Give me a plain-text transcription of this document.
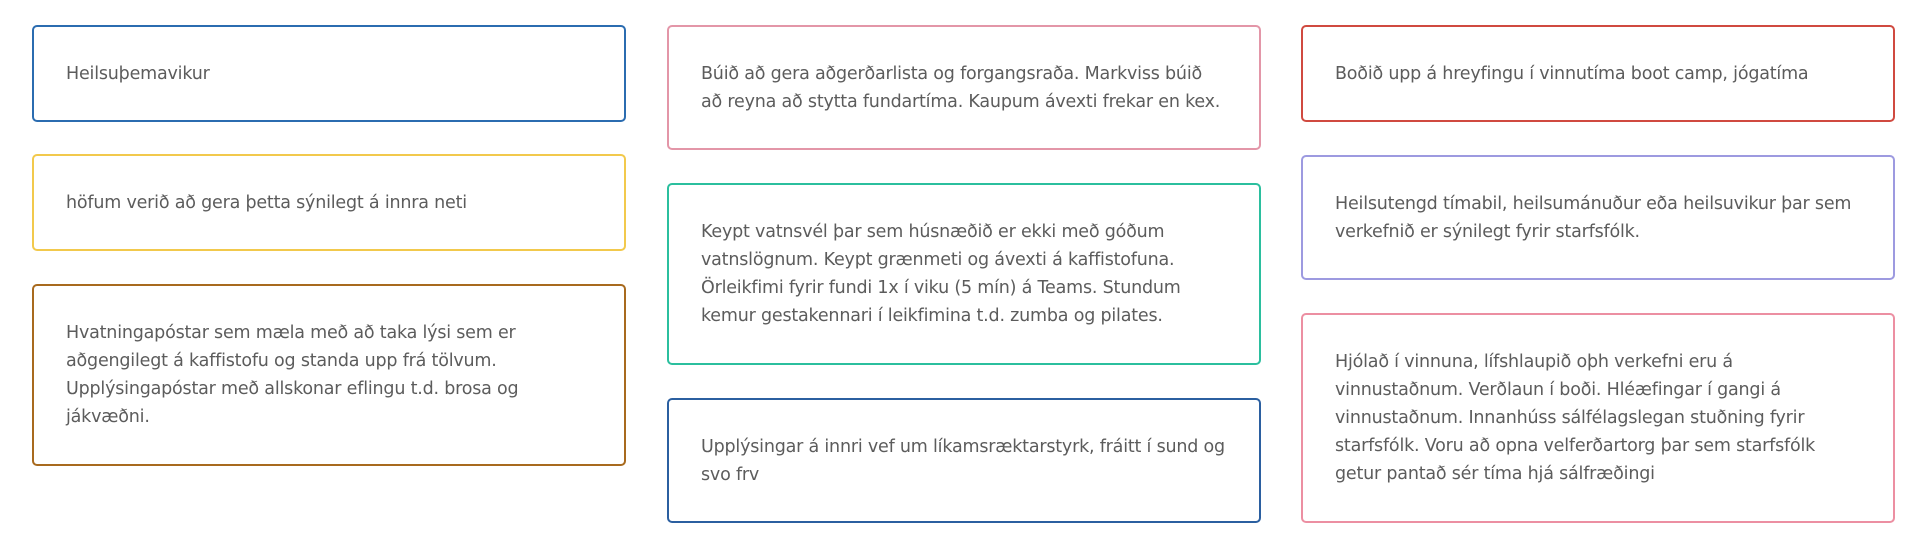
Heilsuþemavikur

höfum verið að gera þetta sýnilegt á innra neti

Hvatningapóstar sem mæla með að taka lýsi sem er aðgengilegt á kaffistofu og standa upp frá tölvum. Upplýsingapóstar með allskonar eflingu t.d. brosa og jákvæðni.

Búið að gera aðgerðarlista og forgangsraða. Markviss búið að reyna að stytta fundartíma. Kaupum ávexti frekar en kex.

Keypt vatnsvél þar sem húsnæðið er ekki með góðum vatnslögnum. Keypt grænmeti og ávexti á kaffistofuna. Örleikfimi fyrir fundi 1x í viku (5 mín) á Teams. Stundum kemur gestakennari í leikfimina t.d. zumba og pilates.

Upplýsingar á innri vef um líkamsræktarstyrk, fráitt í sund og svo frv

Boðið upp á hreyfingu í vinnutíma boot camp, jógatíma

Heilsutengd tímabil, heilsumánuður eða heilsuvikur þar sem verkefnið er sýnilegt fyrir starfsfólk.

Hjólað í vinnuna, lífshlaupið oþh verkefni eru á vinnustaðnum. Verðlaun í boði. Hléæfingar í gangi á vinnustaðnum. Innanhúss sálfélagslegan stuðning fyrir starfsfólk. Voru að opna velferðartorg þar sem starfsfólk getur pantað sér tíma hjá sálfræðingi
